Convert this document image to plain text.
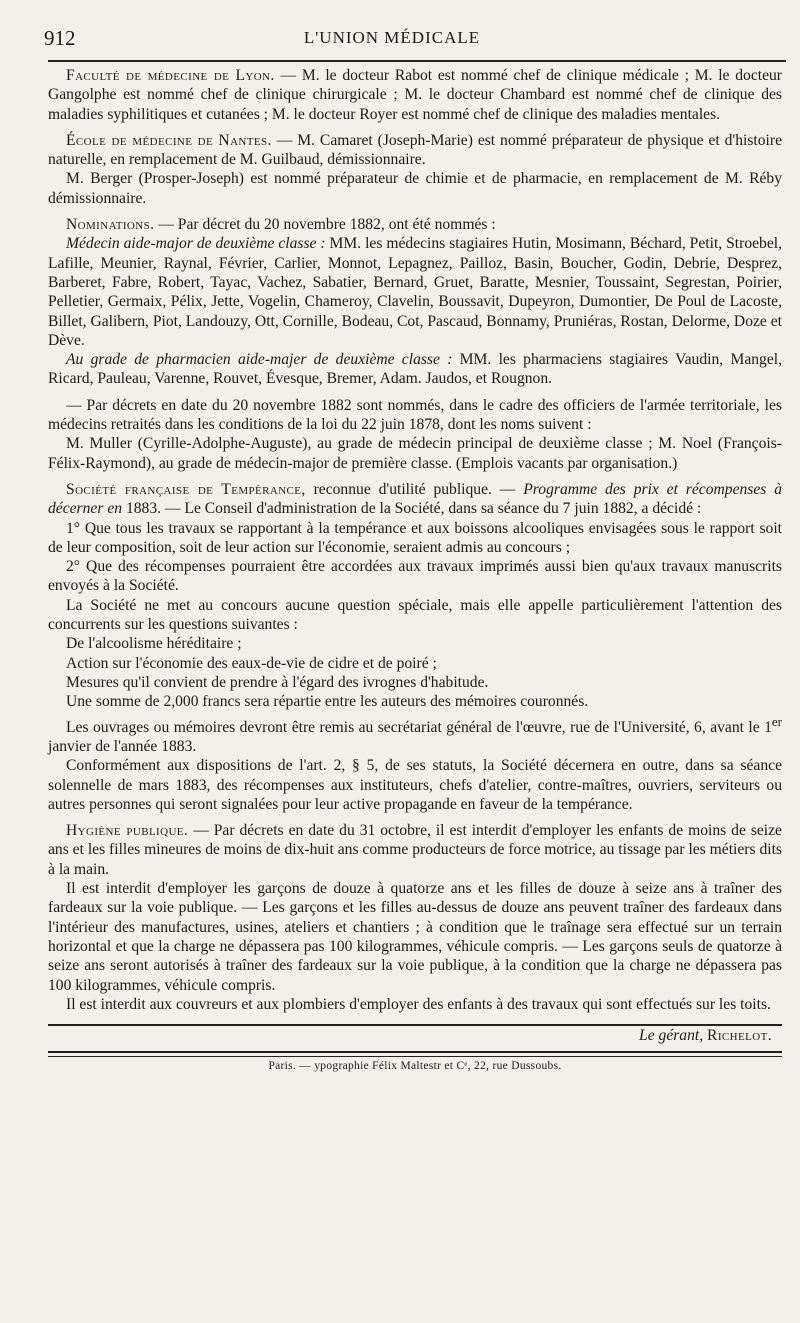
912	L'UNION MÉDICALE

Faculté de médecine de Lyon. — M. le docteur Rabot est nommé chef de clinique médicale ; M. le docteur Gangolphe est nommé chef de clinique chirurgicale ; M. le docteur Chambard est nommé chef de clinique des maladies syphilitiques et cutanées ; M. le docteur Royer est nommé chef de clinique des maladies mentales.

École de médecine de Nantes. — M. Camaret (Joseph-Marie) est nommé préparateur de physique et d'histoire naturelle, en remplacement de M. Guilbaud, démissionnaire.

M. Berger (Prosper-Joseph) est nommé préparateur de chimie et de pharmacie, en remplacement de M. Réby démissionnaire.

Nominations. — Par décret du 20 novembre 1882, ont été nommés :

Médecin aide-major de deuxième classe : MM. les médecins stagiaires Hutin, Mosimann, Béchard, Petit, Stroebel, Lafille, Meunier, Raynal, Février, Carlier, Monnot, Lepagnez, Pailloz, Basin, Boucher, Godin, Debrie, Desprez, Barberet, Fabre, Robert, Tayac, Vachez, Sabatier, Bernard, Gruet, Baratte, Mesnier, Toussaint, Segrestan, Poirier, Pelletier, Germaix, Pélix, Jette, Vogelin, Chameroy, Clavelin, Boussavit, Dupeyron, Dumontier, De Poul de Lacoste, Billet, Galibern, Piot, Landouzy, Ott, Cornille, Bodeau, Cot, Pascaud, Bonnamy, Pruniéras, Rostan, Delorme, Doze et Dève.

Au grade de pharmacien aide-majer de deuxième classe : MM. les pharmaciens stagiaires Vaudin, Mangel, Ricard, Pauleau, Varenne, Rouvet, Évesque, Bremer, Adam. Jaudos, et Rougnon.

— Par décrets en date du 20 novembre 1882 sont nommés, dans le cadre des officiers de l'armée territoriale, les médecins retraités dans les conditions de la loi du 22 juin 1878, dont les noms suivent :

M. Muller (Cyrille-Adolphe-Auguste), au grade de médecin principal de deuxième classe ; M. Noel (François-Félix-Raymond), au grade de médecin-major de première classe. (Emplois vacants par organisation.)

Société française de Tempérance, reconnue d'utilité publique. — Programme des prix et récompenses à décerner en 1883. — Le Conseil d'administration de la Société, dans sa séance du 7 juin 1882, a décidé :

1° Que tous les travaux se rapportant à la tempérance et aux boissons alcooliques envisagées sous le rapport soit de leur composition, soit de leur action sur l'économie, seraient admis au concours ;

2° Que des récompenses pourraient être accordées aux travaux imprimés aussi bien qu'aux travaux manuscrits envoyés à la Société.

La Société ne met au concours aucune question spéciale, mais elle appelle particulièrement l'attention des concurrents sur les questions suivantes :

De l'alcoolisme héréditaire ;

Action sur l'économie des eaux-de-vie de cidre et de poiré ;

Mesures qu'il convient de prendre à l'égard des ivrognes d'habitude.

Une somme de 2,000 francs sera répartie entre les auteurs des mémoires couronnés.

Les ouvrages ou mémoires devront être remis au secrétariat général de l'œuvre, rue de l'Université, 6, avant le 1er janvier de l'année 1883.

Conformément aux dispositions de l'art. 2, § 5, de ses statuts, la Société décernera en outre, dans sa séance solennelle de mars 1883, des récompenses aux instituteurs, chefs d'atelier, contre-maîtres, ouvriers, serviteurs ou autres personnes qui seront signalées pour leur active propagande en faveur de la tempérance.

Hygiène publique. — Par décrets en date du 31 octobre, il est interdit d'employer les enfants de moins de seize ans et les filles mineures de moins de dix-huit ans comme producteurs de force motrice, au tissage par les métiers dits à la main.

Il est interdit d'employer les garçons de douze à quatorze ans et les filles de douze à seize ans à traîner des fardeaux sur la voie publique. — Les garçons et les filles au-dessus de douze ans peuvent traîner des fardeaux dans l'intérieur des manufactures, usines, ateliers et chantiers ; à condition que le traînage sera effectué sur un terrain horizontal et que la charge ne dépassera pas 100 kilogrammes, véhicule compris. — Les garçons seuls de quatorze à seize ans seront autorisés à traîner des fardeaux sur la voie publique, à la condition que la charge ne dépassera pas 100 kilogrammes, véhicule compris.

Il est interdit aux couvreurs et aux plombiers d'employer des enfants à des travaux qui sont effectués sur les toits.

Le gérant, Richelot.

Paris. — ypographie Félix Maltestr et Cᵉ, 22, rue Dussoubs.
